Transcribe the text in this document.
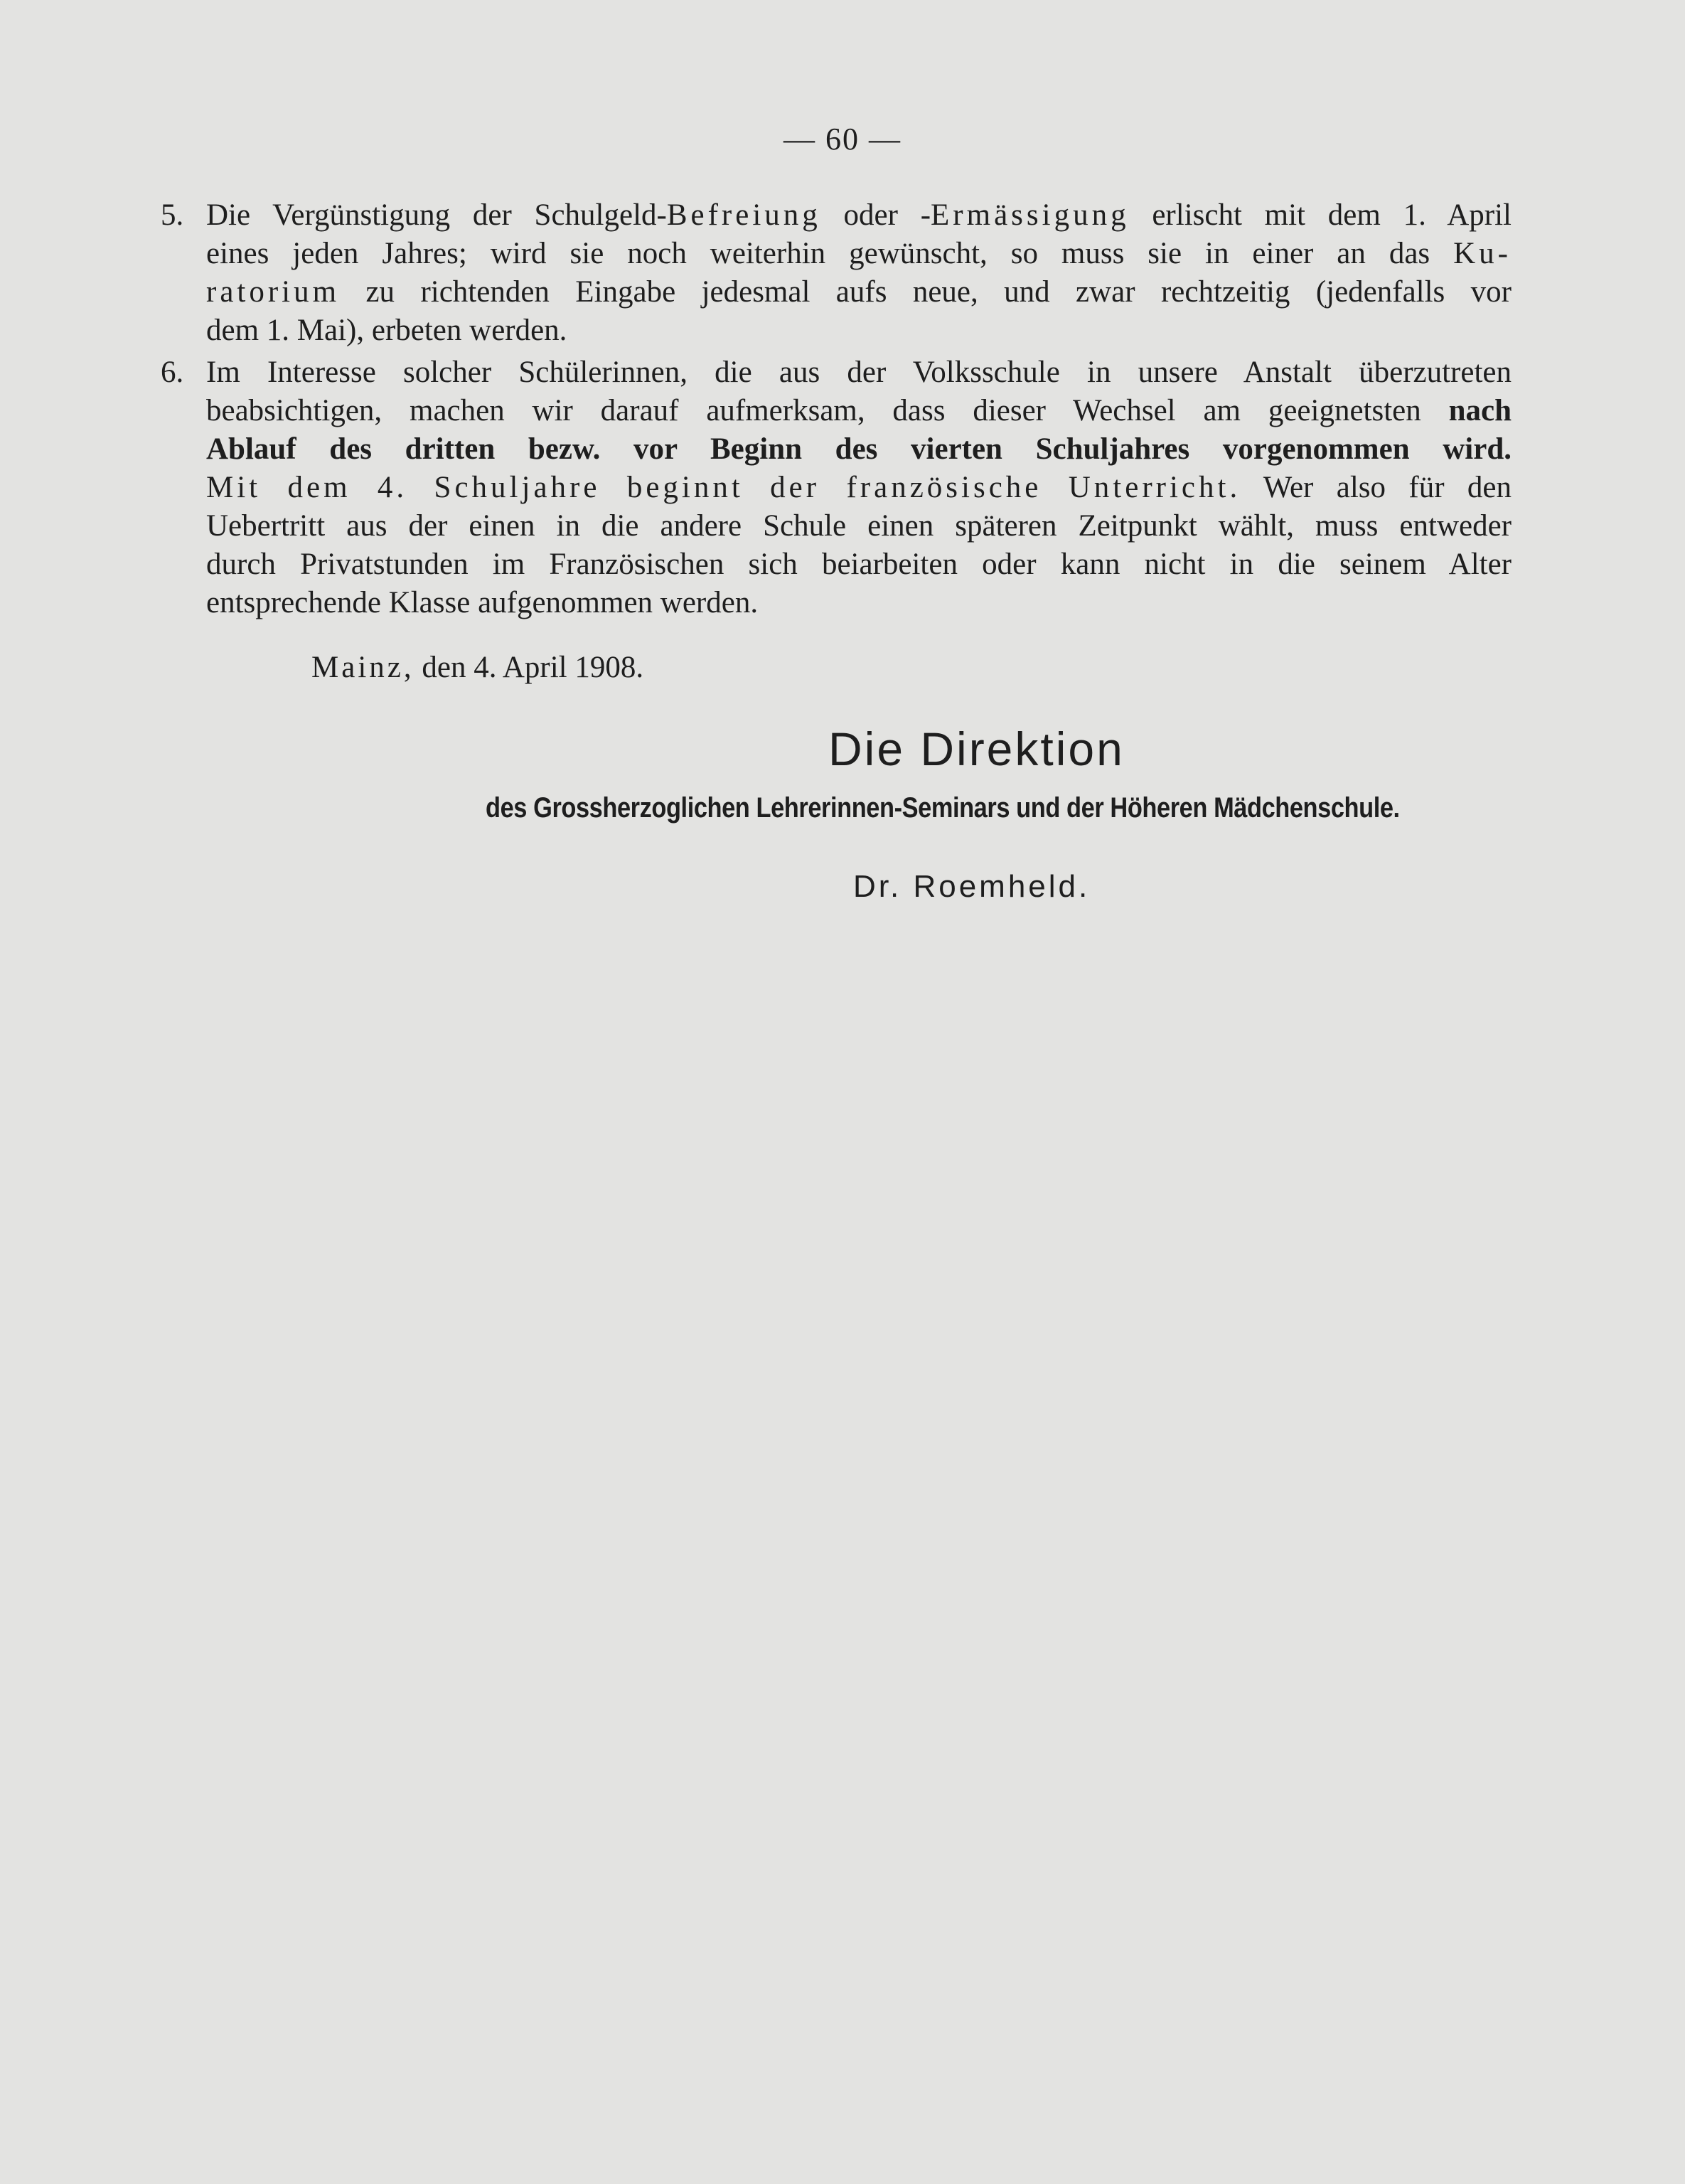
— 60 —
5. Die Vergünstigung der Schulgeld-Befreiung oder -Ermässigung erlischt mit dem 1. April
eines jeden Jahres; wird sie noch weiterhin gewünscht, so muss sie in einer an das Ku-
ratorium zu richtenden Eingabe jedesmal aufs neue, und zwar rechtzeitig (jedenfalls vor
dem 1. Mai), erbeten werden.
6. Im Interesse solcher Schülerinnen, die aus der Volksschule in unsere Anstalt überzutreten
beabsichtigen, machen wir darauf aufmerksam, dass dieser Wechsel am geeignetsten nach
Ablauf des dritten bezw. vor Beginn des vierten Schuljahres vorgenommen wird.
Mit dem 4. Schuljahre beginnt der französische Unterricht. Wer also für den
Uebertritt aus der einen in die andere Schule einen späteren Zeitpunkt wählt, muss entweder
durch Privatstunden im Französischen sich beiarbeiten oder kann nicht in die seinem Alter
entsprechende Klasse aufgenommen werden.
Mainz, den 4. April 1908.
Die Direktion
des Grossherzoglichen Lehrerinnen-Seminars und der Höheren Mädchenschule.
Dr. Roemheld.
